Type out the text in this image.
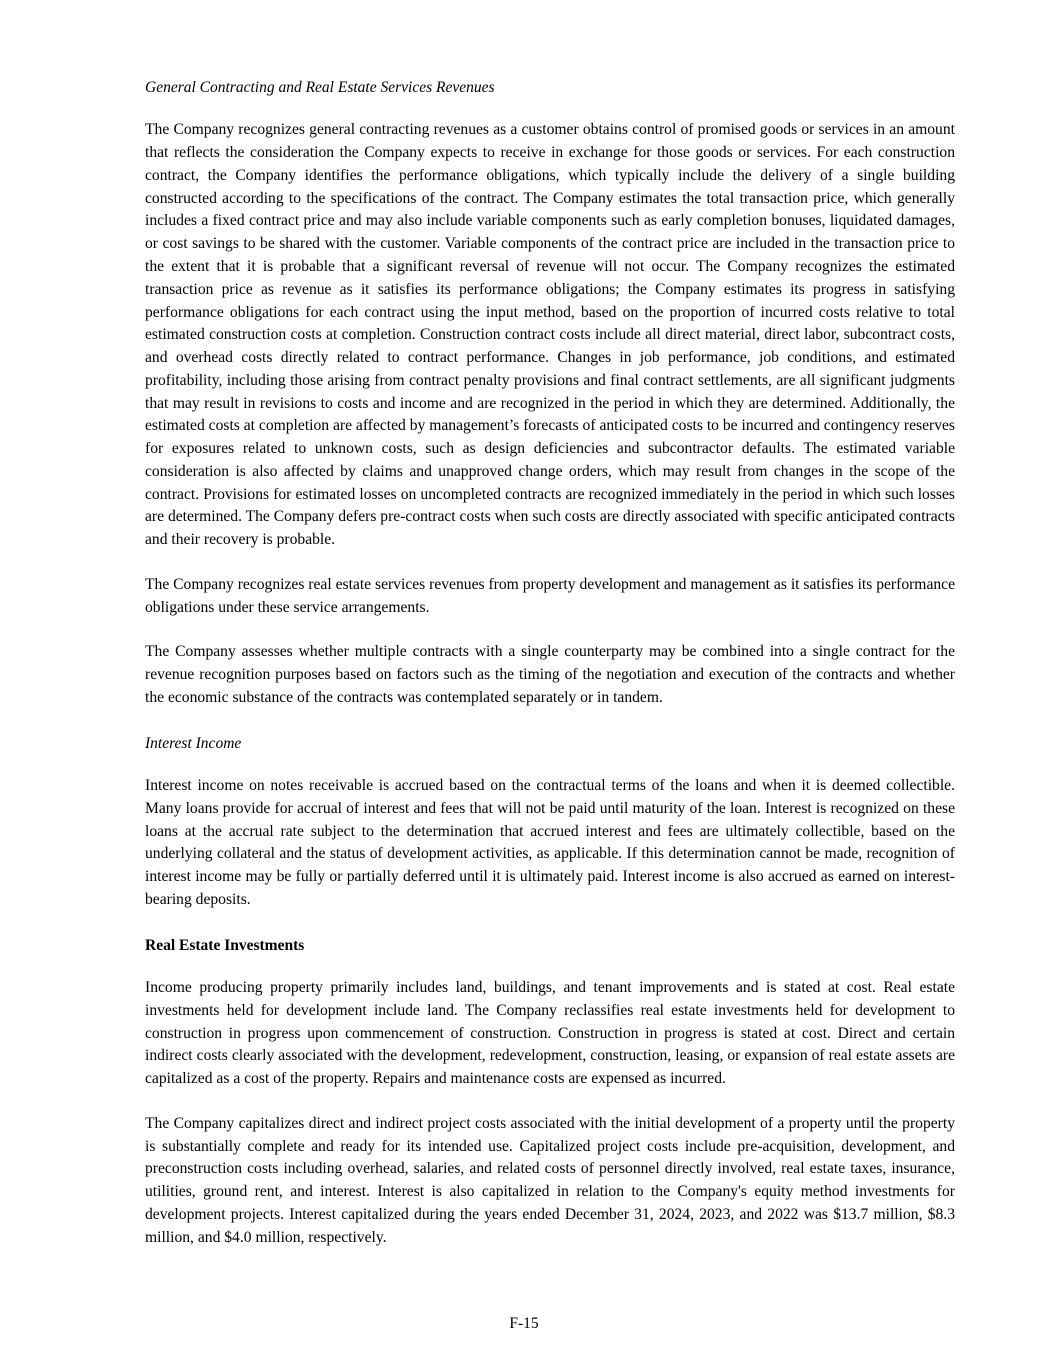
General Contracting and Real Estate Services Revenues

The Company recognizes general contracting revenues as a customer obtains control of promised goods or services in an amount that reflects the consideration the Company expects to receive in exchange for those goods or services. For each construction contract, the Company identifies the performance obligations, which typically include the delivery of a single building constructed according to the specifications of the contract. The Company estimates the total transaction price, which generally includes a fixed contract price and may also include variable components such as early completion bonuses, liquidated damages, or cost savings to be shared with the customer. Variable components of the contract price are included in the transaction price to the extent that it is probable that a significant reversal of revenue will not occur. The Company recognizes the estimated transaction price as revenue as it satisfies its performance obligations; the Company estimates its progress in satisfying performance obligations for each contract using the input method, based on the proportion of incurred costs relative to total estimated construction costs at completion. Construction contract costs include all direct material, direct labor, subcontract costs, and overhead costs directly related to contract performance. Changes in job performance, job conditions, and estimated profitability, including those arising from contract penalty provisions and final contract settlements, are all significant judgments that may result in revisions to costs and income and are recognized in the period in which they are determined. Additionally, the estimated costs at completion are affected by management’s forecasts of anticipated costs to be incurred and contingency reserves for exposures related to unknown costs, such as design deficiencies and subcontractor defaults. The estimated variable consideration is also affected by claims and unapproved change orders, which may result from changes in the scope of the contract. Provisions for estimated losses on uncompleted contracts are recognized immediately in the period in which such losses are determined. The Company defers pre-contract costs when such costs are directly associated with specific anticipated contracts and their recovery is probable.

The Company recognizes real estate services revenues from property development and management as it satisfies its performance obligations under these service arrangements.

The Company assesses whether multiple contracts with a single counterparty may be combined into a single contract for the revenue recognition purposes based on factors such as the timing of the negotiation and execution of the contracts and whether the economic substance of the contracts was contemplated separately or in tandem.

Interest Income

Interest income on notes receivable is accrued based on the contractual terms of the loans and when it is deemed collectible. Many loans provide for accrual of interest and fees that will not be paid until maturity of the loan. Interest is recognized on these loans at the accrual rate subject to the determination that accrued interest and fees are ultimately collectible, based on the underlying collateral and the status of development activities, as applicable. If this determination cannot be made, recognition of interest income may be fully or partially deferred until it is ultimately paid. Interest income is also accrued as earned on interest-bearing deposits.

Real Estate Investments

Income producing property primarily includes land, buildings, and tenant improvements and is stated at cost. Real estate investments held for development include land. The Company reclassifies real estate investments held for development to construction in progress upon commencement of construction. Construction in progress is stated at cost. Direct and certain indirect costs clearly associated with the development, redevelopment, construction, leasing, or expansion of real estate assets are capitalized as a cost of the property. Repairs and maintenance costs are expensed as incurred.

The Company capitalizes direct and indirect project costs associated with the initial development of a property until the property is substantially complete and ready for its intended use. Capitalized project costs include pre-acquisition, development, and preconstruction costs including overhead, salaries, and related costs of personnel directly involved, real estate taxes, insurance, utilities, ground rent, and interest. Interest is also capitalized in relation to the Company's equity method investments for development projects. Interest capitalized during the years ended December 31, 2024, 2023, and 2022 was $13.7 million, $8.3 million, and $4.0 million, respectively.

F-15
